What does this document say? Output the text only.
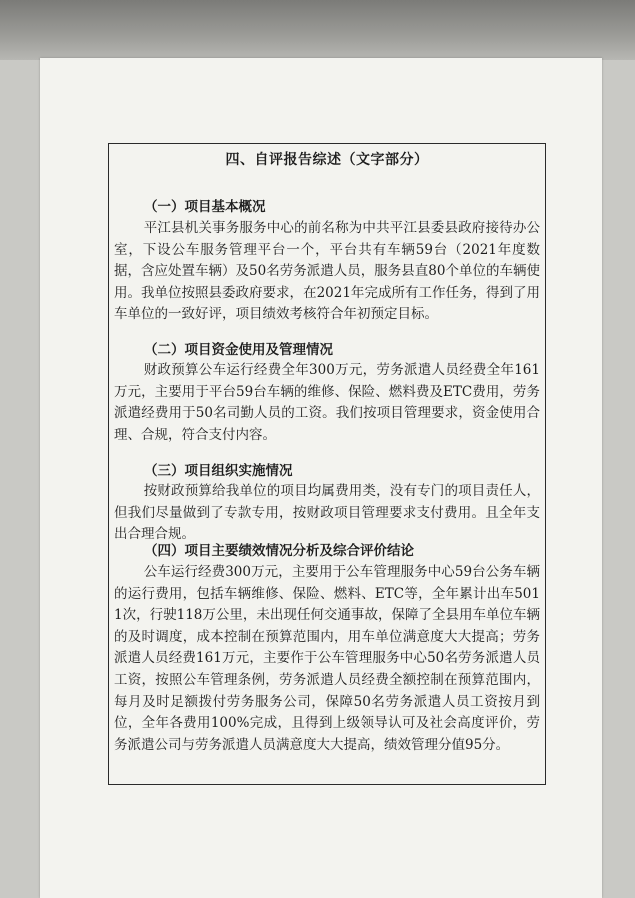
四、自评报告综述（文字部分）
（一）项目基本概况
平江县机关事务服务中心的前名称为中共平江县委县政府接待办公室，下设公车服务管理平台一个，平台共有车辆59台（2021年度数据，含应处置车辆）及50名劳务派遣人员，服务县直80个单位的车辆使用。我单位按照县委政府要求，在2021年完成所有工作任务，得到了用车单位的一致好评，项目绩效考核符合年初预定目标。
（二）项目资金使用及管理情况
财政预算公车运行经费全年300万元，劳务派遣人员经费全年161万元，主要用于平台59台车辆的维修、保险、燃料费及ETC费用，劳务派遣经费用于50名司勤人员的工资。我们按项目管理要求，资金使用合理、合规，符合支付内容。
（三）项目组织实施情况
按财政预算给我单位的项目均属费用类，没有专门的项目责任人，但我们尽量做到了专款专用，按财政项目管理要求支付费用。且全年支出合理合规。
（四）项目主要绩效情况分析及综合评价结论
公车运行经费300万元，主要用于公车管理服务中心59台公务车辆的运行费用，包括车辆维修、保险、燃料、ETC等，全年累计出车5011次，行驶118万公里，未出现任何交通事故，保障了全县用车单位车辆的及时调度，成本控制在预算范围内，用车单位满意度大大提高；劳务派遣人员经费161万元，主要作于公车管理服务中心50名劳务派遣人员工资，按照公车管理条例，劳务派遣人员经费全额控制在预算范围内，每月及时足额拨付劳务服务公司，保障50名劳务派遣人员工资按月到位，全年各费用100%完成，且得到上级领导认可及社会高度评价，劳务派遣公司与劳务派遣人员满意度大大提高，绩效管理分值95分。
